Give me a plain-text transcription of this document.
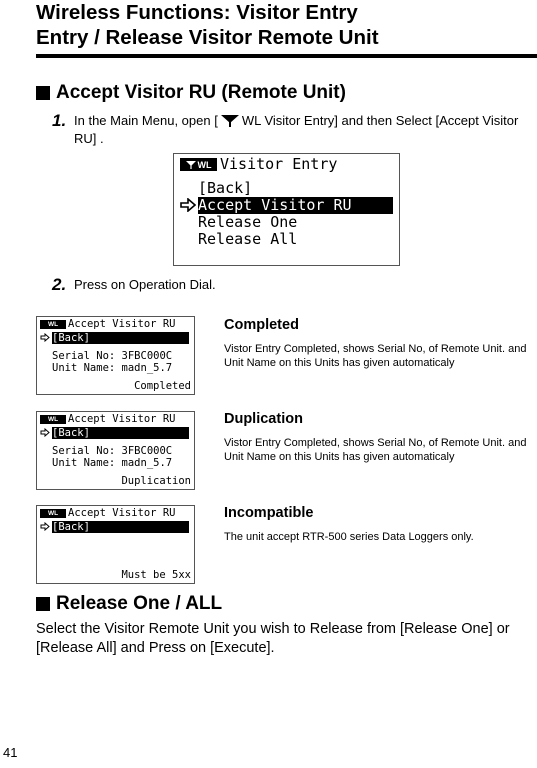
Wireless Functions: Visitor Entry
Entry / Release Visitor Remote Unit
Accept Visitor RU (Remote Unit)
1. In the Main Menu, open [ WL Visitor Entry] and then Select [Accept Visitor RU] .
WL Visitor Entry
[Back]
Accept Visitor RU
Release One
Release All
2. Press on Operation Dial.
WL Accept Visitor RU
[Back]
Serial No: 3FBC000C
Unit Name: madn_5.7
Completed
Completed
Vistor Entry Completed, shows Serial No, of Remote Unit. and Unit Name on this Units has given automaticaly
WL Accept Visitor RU
[Back]
Serial No: 3FBC000C
Unit Name: madn_5.7
Duplication
Duplication
Vistor Entry Completed, shows Serial No, of Remote Unit. and Unit Name on this Units has given automaticaly
WL Accept Visitor RU
[Back]
Must be 5xx
Incompatible
The unit accept RTR-500 series Data Loggers only.
Release One / ALL
Select the Visitor Remote Unit you wish to Release from [Release One] or [Release All] and Press on [Execute].
41
